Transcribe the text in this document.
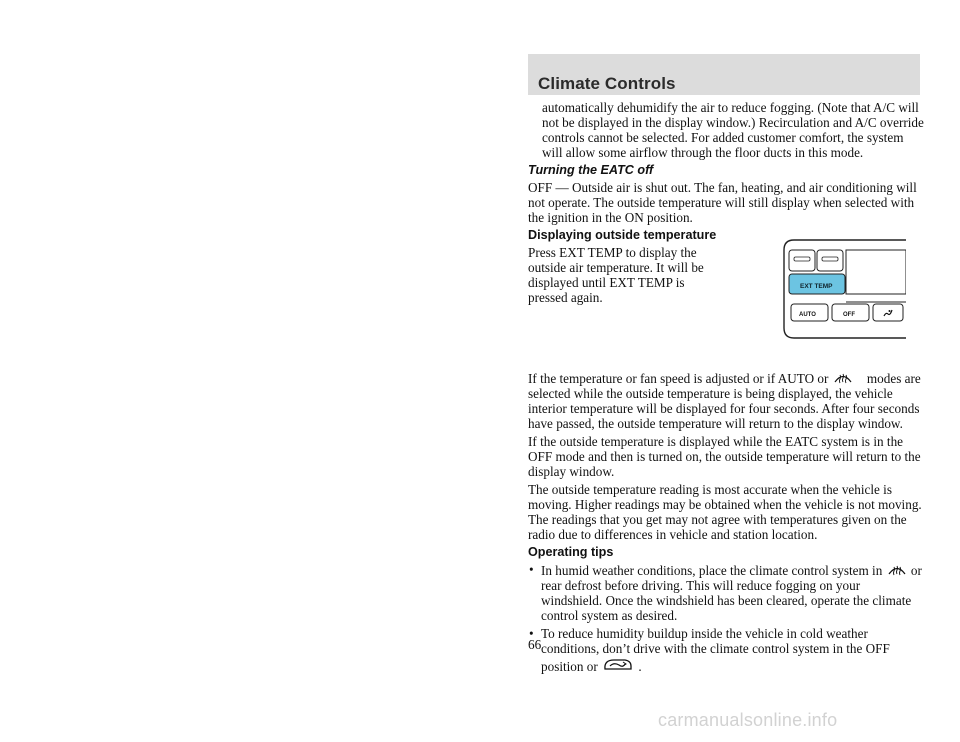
Climate Controls

automatically dehumidify the air to reduce fogging. (Note that A/C will not be displayed in the display window.) Recirculation and A/C override controls cannot be selected. For added customer comfort, the system will allow some airflow through the floor ducts in this mode.

Turning the EATC off

OFF — Outside air is shut out. The fan, heating, and air conditioning will not operate. The outside temperature will still display when selected with the ignition in the ON position.

Displaying outside temperature

Press EXT TEMP to display the outside air temperature. It will be displayed until EXT TEMP is pressed again.

EXT TEMP
AUTO	OFF

If the temperature or fan speed is adjusted or if AUTO or	modes are selected while the outside temperature is being displayed, the vehicle interior temperature will be displayed for four seconds. After four seconds have passed, the outside temperature will return to the display window.

If the outside temperature is displayed while the EATC system is in the OFF mode and then is turned on, the outside temperature will return to the display window.

The outside temperature reading is most accurate when the vehicle is moving. Higher readings may be obtained when the vehicle is not moving. The readings that you get may not agree with temperatures given on the radio due to differences in vehicle and station location.

Operating tips
• In humid weather conditions, place the climate control system in or rear defrost before driving. This will reduce fogging on your windshield. Once the windshield has been cleared, operate the climate control system as desired.
• To reduce humidity buildup inside the vehicle in cold weather conditions, don’t drive with the climate control system in the OFF position or	.
66
carmanualsonline.info
